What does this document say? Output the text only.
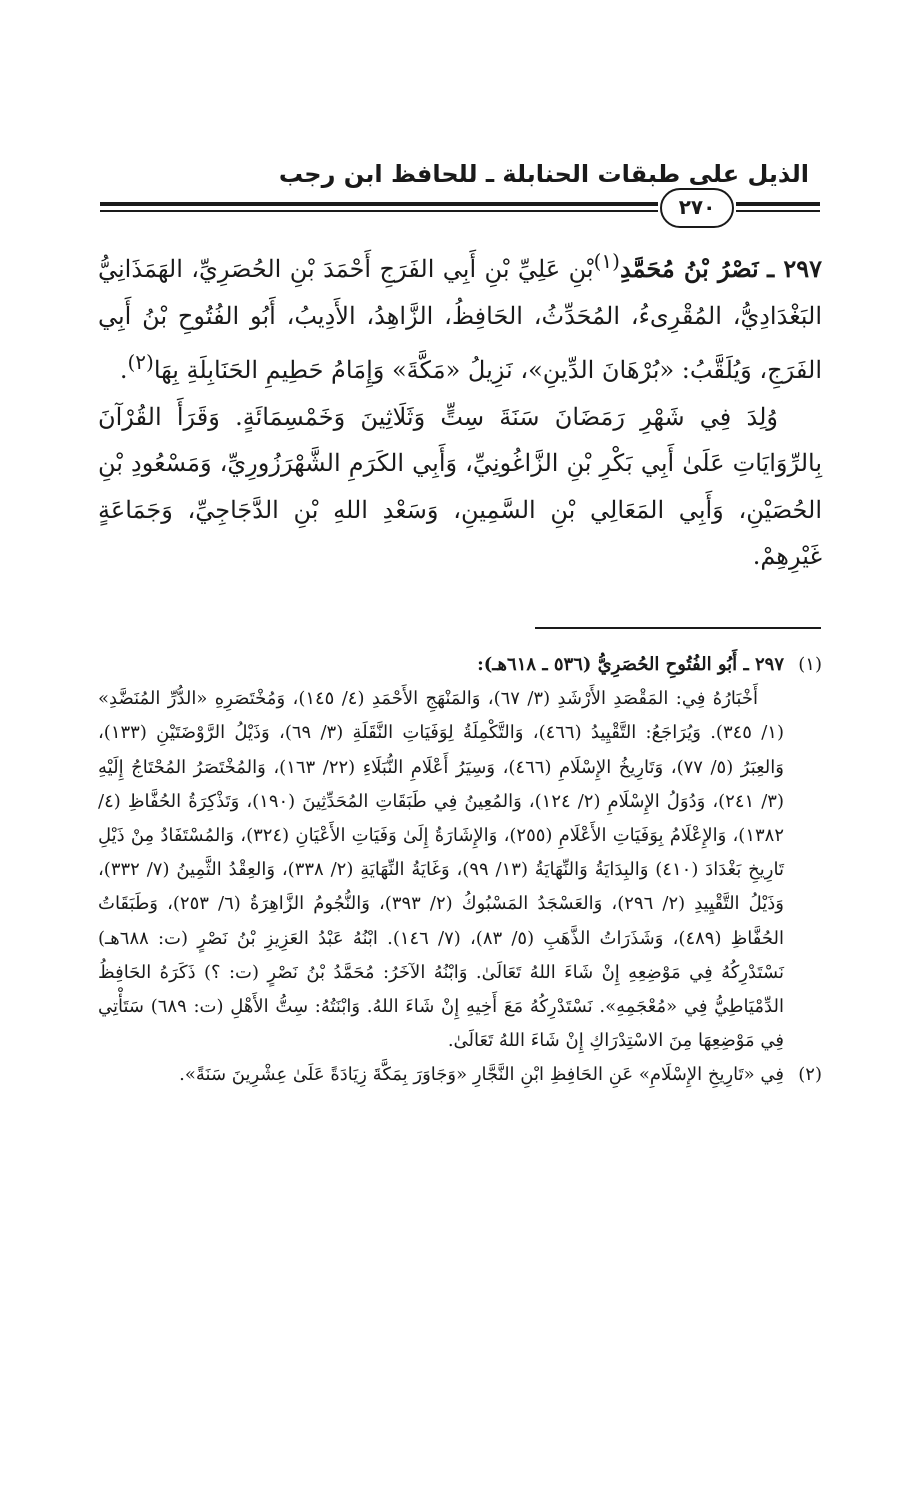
الذيل على طبقات الحنابلة ـ للحافظ ابن رجب
٢٧٠

٢٩٧ ـ نَصْرُ بْنُ مُحَمَّدِ$^{(١)}$بْنِ عَلِيِّ بْنِ أَبِي الفَرَجِ أَحْمَدَ بْنِ الحُصَرِيِّ، الهَمَذَانِيُّ البَغْدَادِيُّ، المُقْرِىءُ، المُحَدِّثُ، الحَافِظُ، الزَّاهِدُ، الأَدِيبُ، أَبُو الفُتُوحِ بْنُ أَبِي الفَرَجِ، وَيُلَقَّبُ: «بُرْهَانَ الدِّينِ»، نَزِيلُ «مَكَّةَ» وَإِمَامُ حَطِيمِ الحَنَابِلَةِ بِهَا$^{(٢)}$.

وُلِدَ فِي شَهْرِ رَمَضَانَ سَنَةَ سِتٍّ وَثَلَاثِينَ وَخَمْسِمَائَةٍ. وَقَرَأَ القُرْآنَ بِالرِّوَايَاتِ عَلَىٰ أَبِي بَكْرِ بْنِ الزَّاغُونِيِّ، وَأَبِي الكَرَمِ الشَّهْرَزُورِيِّ، وَمَسْعُودِ بْنِ الحُصَيْنِ، وَأَبِي المَعَالِي بْنِ السَّمِينِ، وَسَعْدِ اللهِ بْنِ الدَّجَاجِيِّ، وَجَمَاعَةٍ غَيْرِهِمْ.

(١)

٢٩٧ ـ أَبُو الفُتُوحِ الحُصَرِيُّ (٥٣٦ ـ ٦١٨هـ):

أَخْبَارُهُ فِي: المَقْصَدِ الأَرْشَدِ (٣/ ٦٧)، وَالمَنْهَجِ الأَحْمَدِ (٤/ ١٤٥)، وَمُخْتَصَرِهِ «الدُّرِّ المُنَضَّدِ» (١/ ٣٤٥). وَيُرَاجَعُ: التَّقْيِيدُ (٤٦٦)، وَالتَّكْمِلَةُ لِوَفَيَاتِ النَّقَلَةِ (٣/ ٦٩)، وَذَيْلُ الرَّوْضَتَيْنِ (١٣٣)، وَالعِبَرُ (٥/ ٧٧)، وَتَارِيخُ الإِسْلَامِ (٤٦٦)، وَسِيَرُ أَعْلَامِ النُّبَلَاءِ (٢٢/ ١٦٣)، وَالمُخْتَصَرُ المُحْتَاجُ إِلَيْهِ (٣/ ٢٤١)، وَدُوَلُ الإِسْلَامِ (٢/ ١٢٤)، وَالمُعِينُ فِي طَبَقَاتِ المُحَدِّثِينَ (١٩٠)، وَتَذْكِرَةُ الحُفَّاظِ (٤/ ١٣٨٢)، وَالإِعْلَامُ بِوَفَيَاتِ الأَعْلَامِ (٢٥٥)، وَالإِشَارَةُ إِلَىٰ وَفَيَاتِ الأَعْيَانِ (٣٢٤)، وَالمُسْتَفَادُ مِنْ ذَيْلِ تَارِيخِ بَغْدَادَ (٤١٠) وَالبِدَايَةُ وَالنِّهَايَةُ (١٣/ ٩٩)، وَغَايَةُ النِّهَايَةِ (٢/ ٣٣٨)، وَالعِقْدُ الثَّمِينُ (٧/ ٣٣٢)، وَذَيْلُ التَّقْيِيدِ (٢/ ٢٩٦)، وَالعَسْجَدُ المَسْبُوكُ (٢/ ٣٩٣)، وَالنُّجُومُ الزَّاهِرَةُ (٦/ ٢٥٣)، وَطَبَقَاتُ الحُفَّاظِ (٤٨٩)، وَشَذَرَاتُ الذَّهَبِ (٥/ ٨٣)، (٧/ ١٤٦). ابْنُهُ عَبْدُ العَزِيزِ بْنُ نَصْرٍ (ت: ٦٨٨هـ) نَسْتَدْرِكُهُ فِي مَوْضِعِهِ إِنْ شَاءَ اللهُ تَعَالَىٰ. وَابْنُهُ الآخَرُ: مُحَمَّدُ بْنُ نَصْرٍ (ت: ؟) ذَكَرَهُ الحَافِظُ الدِّمْيَاطِيُّ فِي «مُعْجَمِهِ». نَسْتَدْرِكُهُ مَعَ أَخِيهِ إِنْ شَاءَ اللهُ. وَابْنَتُهُ: سِتُّ الأَهْلِ (ت: ٦٨٩) سَتَأْتِي فِي مَوْضِعِهَا مِنَ الاسْتِدْرَاكِ إِنْ شَاءَ اللهُ تَعَالَىٰ.

(٢)

فِي «تَارِيخِ الإِسْلَامِ» عَنِ الحَافِظِ ابْنِ النَّجَّارِ «وَجَاوَرَ بِمَكَّةَ زِيَادَةً عَلَىٰ عِشْرِينَ سَنَةً».
